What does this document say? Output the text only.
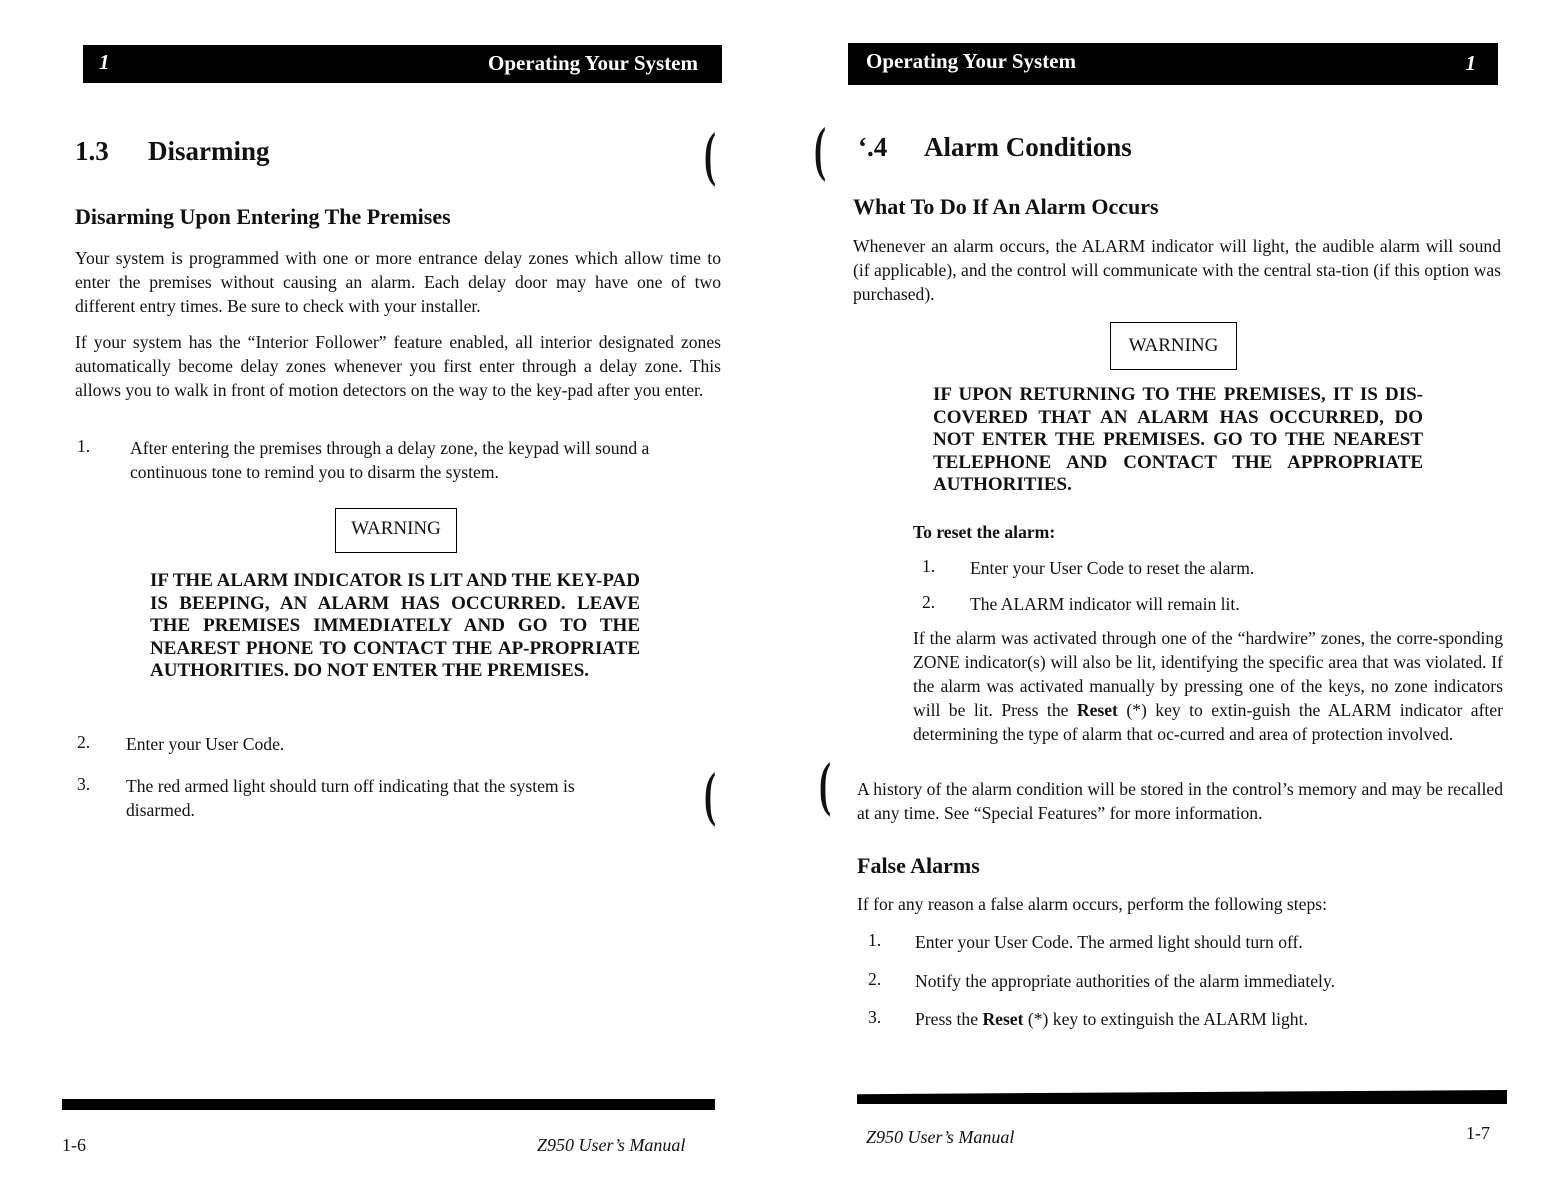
1	Operating Your System
1.3 Disarming	(
Disarming Upon Entering The Premises
Your system is programmed with one or more entrance delay zones which allow time to enter the premises without causing an alarm. Each delay door may have one of two different entry times. Be sure to check with your installer.
If your system has the “Interior Follower” feature enabled, all interior designated zones automatically become delay zones whenever you first enter through a delay zone. This allows you to walk in front of motion detectors on the way to the key-pad after you enter.
1. After entering the premises through a delay zone, the keypad will sound a continuous tone to remind you to disarm the system.
WARNING
IF THE ALARM INDICATOR IS LIT AND THE KEY-PAD IS BEEPING, AN ALARM HAS OCCURRED. LEAVE THE PREMISES IMMEDIATELY AND GO TO THE NEAREST PHONE TO CONTACT THE AP-PROPRIATE AUTHORITIES. DO NOT ENTER THE PREMISES.
2. Enter your User Code.
3. The red armed light should turn off indicating that the system is disarmed.	(
1-6	Z950 User’s Manual
Operating Your System	1
( ʻ.4 Alarm Conditions
What To Do If An Alarm Occurs
Whenever an alarm occurs, the ALARM indicator will light, the audible alarm will sound (if applicable), and the control will communicate with the central sta-tion (if this option was purchased).
WARNING
IF UPON RETURNING TO THE PREMISES, IT IS DIS-COVERED THAT AN ALARM HAS OCCURRED, DO NOT ENTER THE PREMISES. GO TO THE NEAREST TELEPHONE AND CONTACT THE APPROPRIATE AUTHORITIES.
To reset the alarm:
1. Enter your User Code to reset the alarm.
2. The ALARM indicator will remain lit.
If the alarm was activated through one of the “hardwire” zones, the corre-sponding ZONE indicator(s) will also be lit, identifying the specific area that was violated. If the alarm was activated manually by pressing one of the keys, no zone indicators will be lit. Press the Reset (*) key to extin-guish the ALARM indicator after determining the type of alarm that oc-curred and area of protection involved.
( A history of the alarm condition will be stored in the control’s memory and may be recalled at any time. See “Special Features” for more information.
False Alarms
If for any reason a false alarm occurs, perform the following steps:
1. Enter your User Code. The armed light should turn off.
2. Notify the appropriate authorities of the alarm immediately.
3. Press the Reset (*) key to extinguish the ALARM light.
Z950 User’s Manual	1-7
